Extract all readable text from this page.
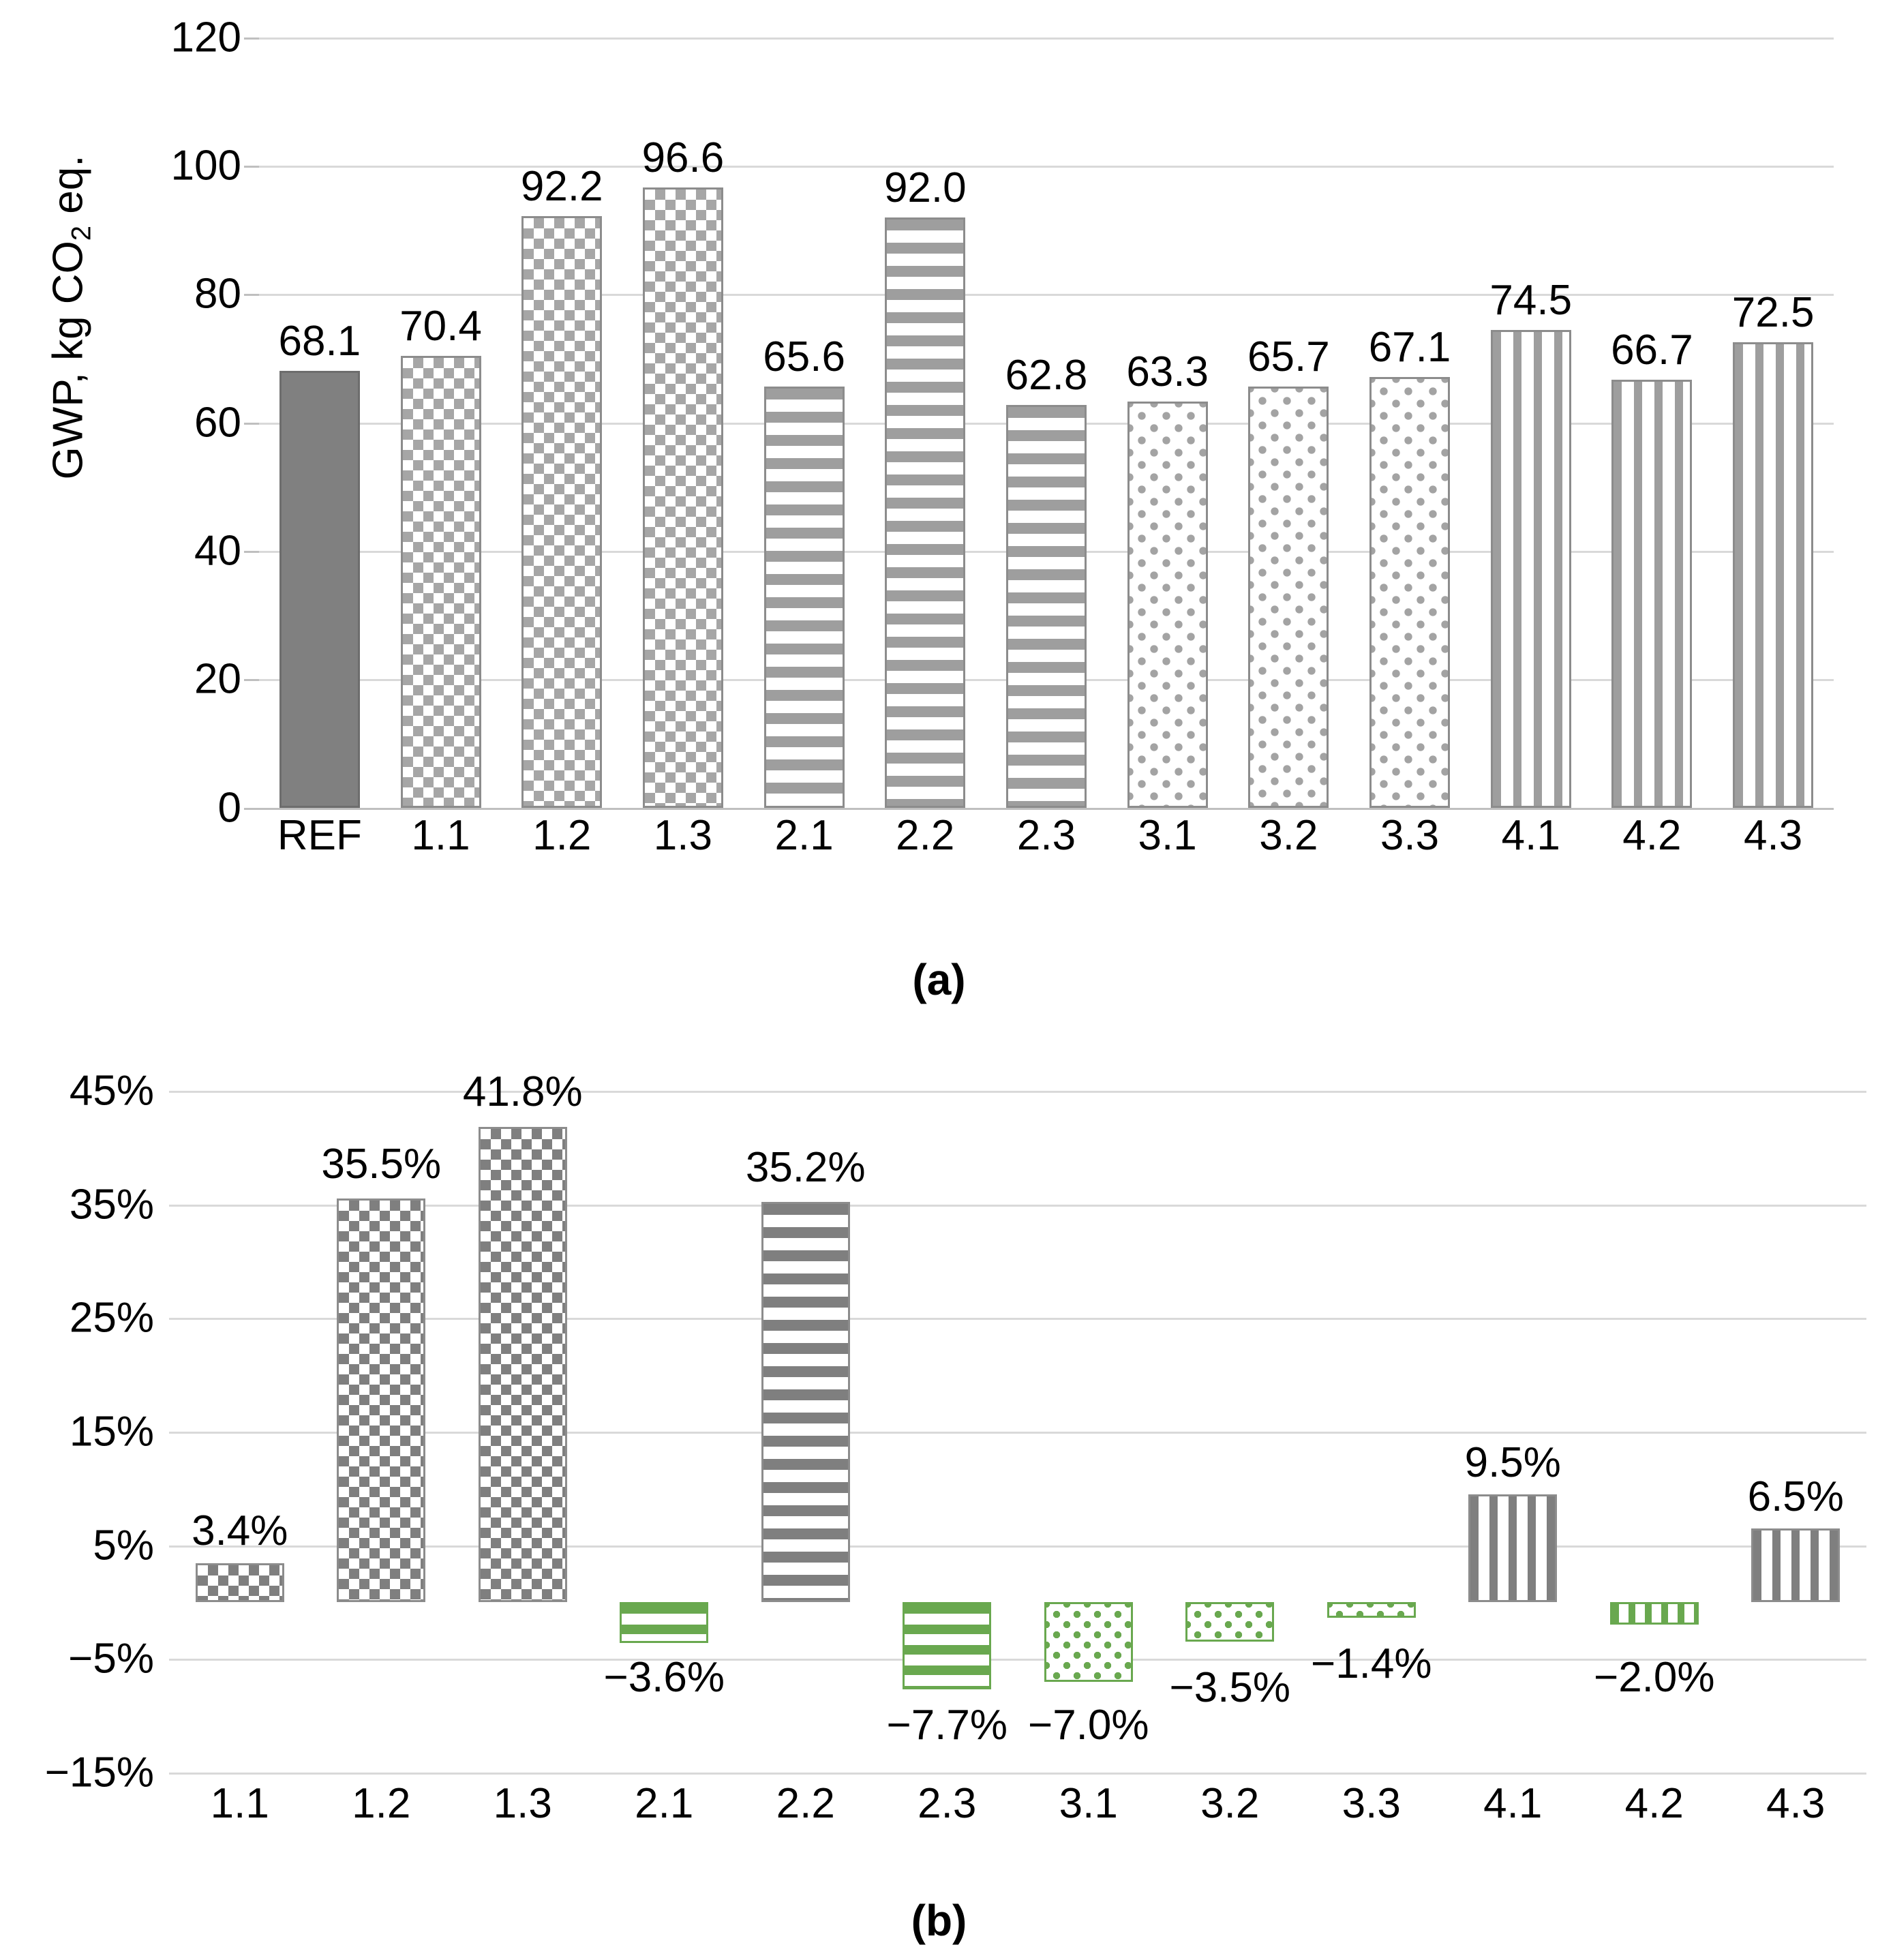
GWP, kg $CO_2$ eq.
68.1 70.4
92.2
96.6
65.6
92.0
62.8 63.3 65.7 67.1
74.5
66.7
72.5
0
20
40
60
80
100
120
REF	1.1	1.2	1.3	2.1	2.2	2.3	3.1	3.2	3.3	4.1	4.2	4.3
(a)
3.4%
35.5%
41.8%
−3.6%
35.2%
−7.7% −7.0%
−3.5%
−1.4%
9.5%
−2.0%
6.5%
−15%
−5%
5%
15%
25%
35%
45%
1.1	1.2	1.3	2.1	2.2	2.3	3.1	3.2	3.3	4.1	4.2	4.3
(b)
